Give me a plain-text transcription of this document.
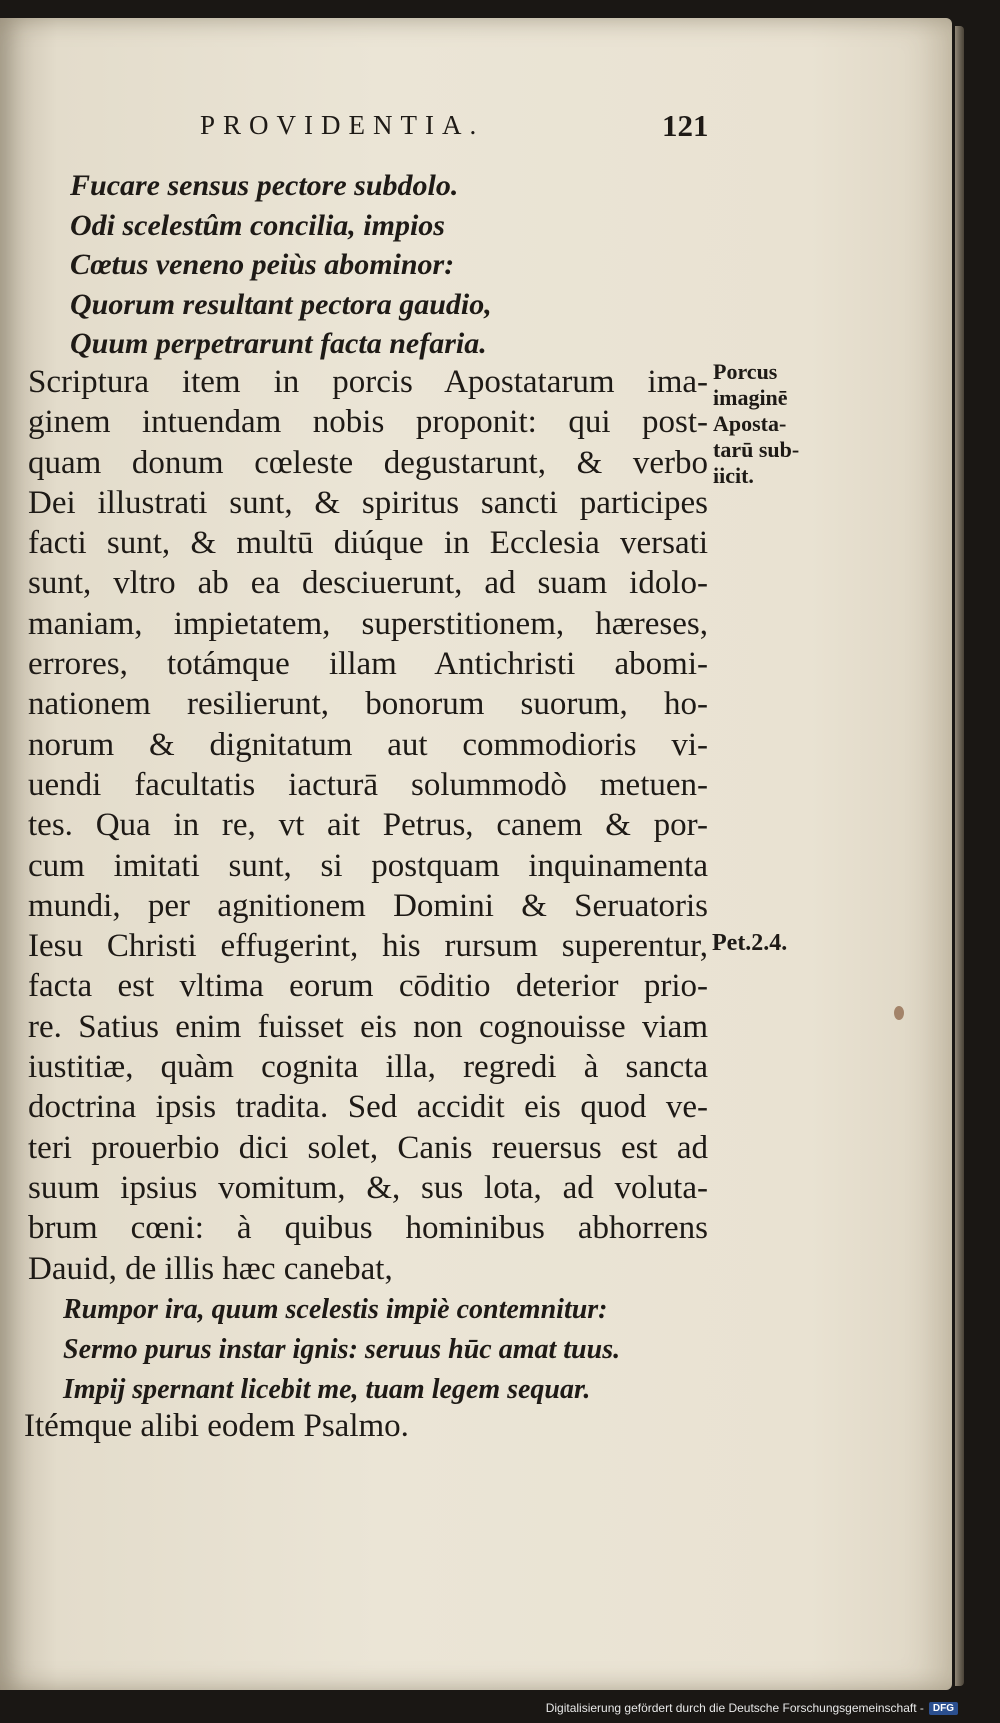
PROVIDENTIA.	121
Fucare sensus pectore subdolo.
Odi scelestûm concilia, impios
Cœtus veneno peiùs abominor:
Quorum resultant pectora gaudio,
Quum perpetrarunt facta nefaria.
Scriptura item in porcis Apostatarum ima-
ginem intuendam nobis proponit: qui post-
quam donum cœleste degustarunt, & verbo
Dei illustrati sunt, & spiritus sancti participes
facti sunt, & multū diúque in Ecclesia versati
sunt, vltro ab ea desciuerunt, ad suam idolo-
maniam, impietatem, superstitionem, hæreses,
errores, totámque illam Antichristi abomi-
nationem resilierunt, bonorum suorum, ho-
norum & dignitatum aut commodioris vi-
uendi facultatis iacturā solummodò metuen-
tes. Qua in re, vt ait Petrus, canem & por-
cum imitati sunt, si postquam inquinamenta
mundi, per agnitionem Domini & Seruatoris
Iesu Christi effugerint, his rursum superentur,
facta est vltima eorum cōditio deterior prio-
re. Satius enim fuisset eis non cognouisse viam
iustitiæ, quàm cognita illa, regredi à sancta
doctrina ipsis tradita. Sed accidit eis quod ve-
teri prouerbio dici solet, Canis reuersus est ad
suum ipsius vomitum, &, sus lota, ad voluta-
brum cœni: à quibus hominibus abhorrens
Dauid, de illis hæc canebat,
Rumpor ira, quum scelestis impiè contemnitur:
Sermo purus instar ignis: seruus hūc amat tuus.
Impij spernant licebit me, tuam legem sequar.
Itémque alibi eodem Psalmo.
Porcus
imaginē
Aposta-
tarū sub-
iicit.
Pet.2.4.
Digitalisierung gefördert durch die Deutsche Forschungsgemeinschaft - DFG
